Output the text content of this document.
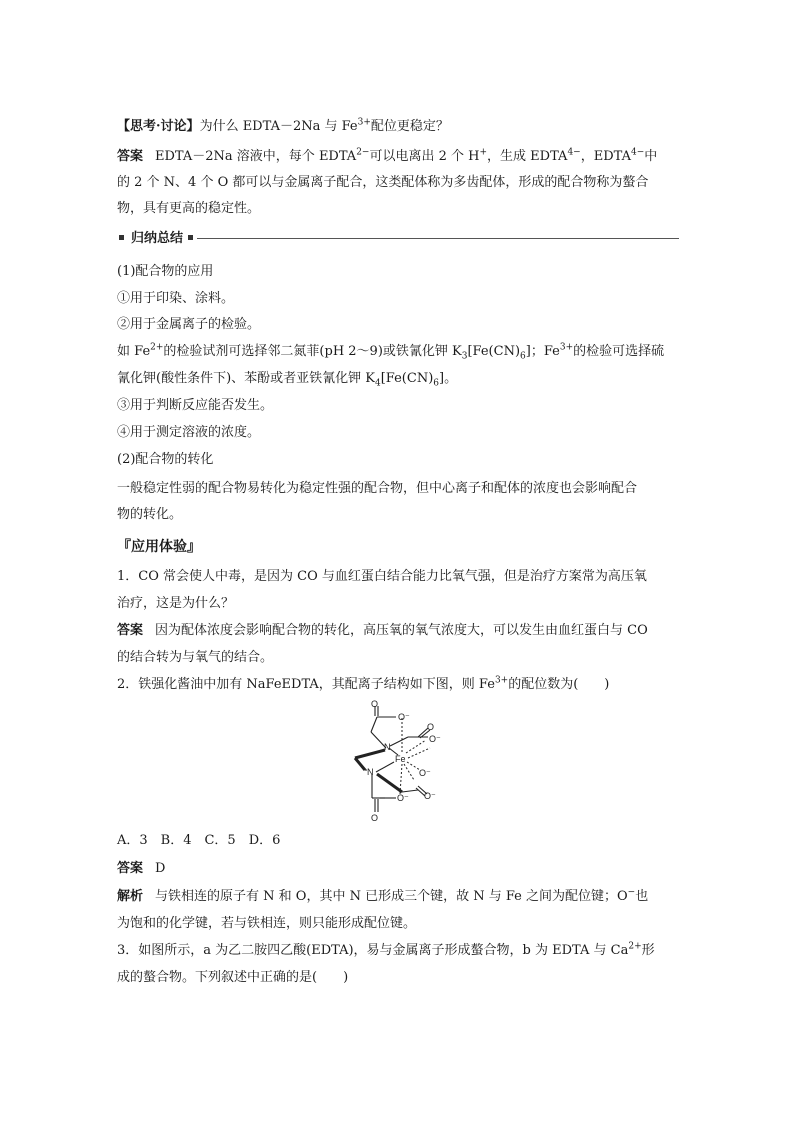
【思考·讨论】为什么 EDTA－2Na 与 $Fe^{3+}$配位更稳定？
答案 EDTA－2Na 溶液中，每个 $EDTA^{2-}$可以电离出 2 个 H+，生成 $EDTA^{4-}$，$EDTA^{4-}$中
的 2 个 N、4 个 O 都可以与金属离子配合，这类配体称为多齿配体，形成的配合物称为螯合
物，具有更高的稳定性。
归纳总结
(1)配合物的应用
①用于印染、涂料。
②用于金属离子的检验。
如 $Fe^{2+}$的检验试剂可选择邻二氮菲(pH 2～9)或铁氰化钾 $K_3[Fe(CN)_6]$；$Fe^{3+}$的检验可选择硫
氰化钾(酸性条件下)、苯酚或者亚铁氰化钾 $K_4[Fe(CN)_6]$。
③用于判断反应能否发生。
④用于测定溶液的浓度。
(2)配合物的转化
一般稳定性弱的配合物易转化为稳定性强的配合物，但中心离子和配体的浓度也会影响配合
物的转化。
『应用体验』
1．CO 常会使人中毒，是因为 CO 与血红蛋白结合能力比氧气强，但是治疗方案常为高压氧
治疗，这是为什么？
答案 因为配体浓度会影响配合物的转化，高压氧的氧气浓度大，可以发生由血红蛋白与 CO
的结合转为与氧气的结合。
2．铁强化酱油中加有 NaFeEDTA，其配离子结构如下图，则 $Fe^{3+}$的配位数为(　　)
O
O⁻
O
O⁻
N
Fe
N	O⁻
O⁻
O⁻
O
A．3　B．4　C．5　D．6
答案 D
解析 与铁相连的原子有 N 和 O，其中 N 已形成三个键，故 N 与 Fe 之间为配位键；O−也
为饱和的化学键，若与铁相连，则只能形成配位键。
3．如图所示，a 为乙二胺四乙酸(EDTA)，易与金属离子形成螯合物，b 为 EDTA 与 $Ca^{2+}$形
成的螯合物。下列叙述中正确的是(　　)
